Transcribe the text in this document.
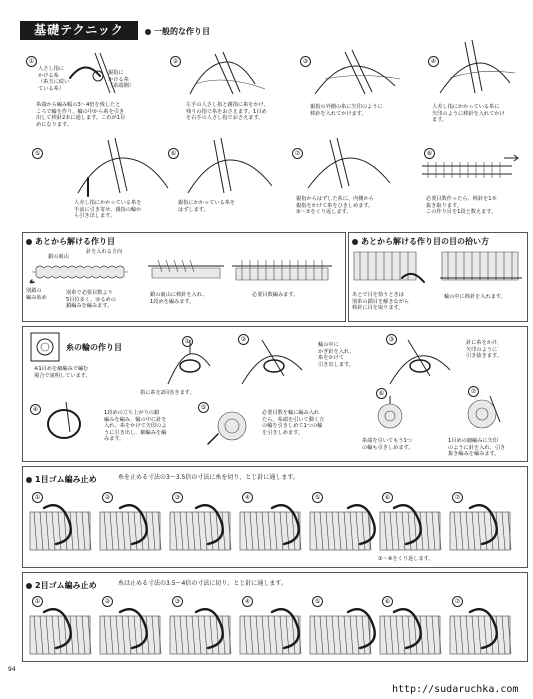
基礎テクニック	一般的な作り目
人さし指に
かける糸
（糸玉に続い
ている糸）
親指に
かける糸
（糸端側）
①	②	③	④
糸端から編み幅の3〜4倍を残したと
ころで輪を作り、輪の中から糸を引き
出して棒針2本に通します。これが1目
めになります。
左手の人さし指と親指に糸をかけ、
残りの指で糸をおさえます。1目め
を右手の人さし指でおさえます。
親指の外側の糸に矢印のように
棒針を入れてかけます。
人差し指にかかっている糸に
矢印のように棒針を入れてかけ
ます。
⑤	⑥	⑦	⑧
人差し指にかかっている糸を
手前に引き寄せ、親指の輪か
ら引き出します。
親指にかかっている糸を
はずします。
親指からはずした糸に、内側から
親指をかけて糸をひきしめます。
③〜⑦をくり返します。
必要目数作ったら、棒針を1本
抜き取ります。
この作り目を1段と数えます。
あとから解ける作り目
鎖の裏山
針を入れる方向
別鎖の
編み始め
別糸で必要目数より
5目位多く、ゆるめの
鎖編みを編みます。
鎖の裏山に棒針を入れ、
1段めを編みます。
必要目数編みます。
あとから解ける作り目の目の拾い方
あとで目を拾うときは
別糸の鎖目を解きながら
棒針に目を取ります。
輪の中に棒針を入れます。
糸の輪の作り目
※1目めを細編みで編む
場合で説明しています。
①
指に糸を2回巻きます。
②
輪の中に
かぎ針を入れ、
糸をかけて
引き出します。
③	針に糸をかけ、
矢印のように
引き抜きます。
④	1段めの立ち上がりの鎖
編みを編み、輪の中に針を
入れ、糸をかけて矢印のよ
うに引き出し、細編みを編
みます。
⑤
必要目数を輪に編み入れ
たら、糸端を引いて動く方
の輪を引きしめて1つの輪
を引きしめます。
⑥
糸端を引いてもう1つ
の輪も引きしめます。
⑦
1目めの細編みに矢印
のように針を入れ、引き
抜き編みを編みます。
1目ゴム編み止め	糸を止める寸法の3〜3.5倍の寸法に糸を切り、とじ針に通します。
①	②	③	④	⑤	⑥	⑦
③〜④をくり返します。
2目ゴム編み止め	糸は止める寸法の3.5〜4倍の寸法に切り、とじ針に通します。
①	②	③	④	⑤	⑥	⑦
94
http://sudaruchka.com
